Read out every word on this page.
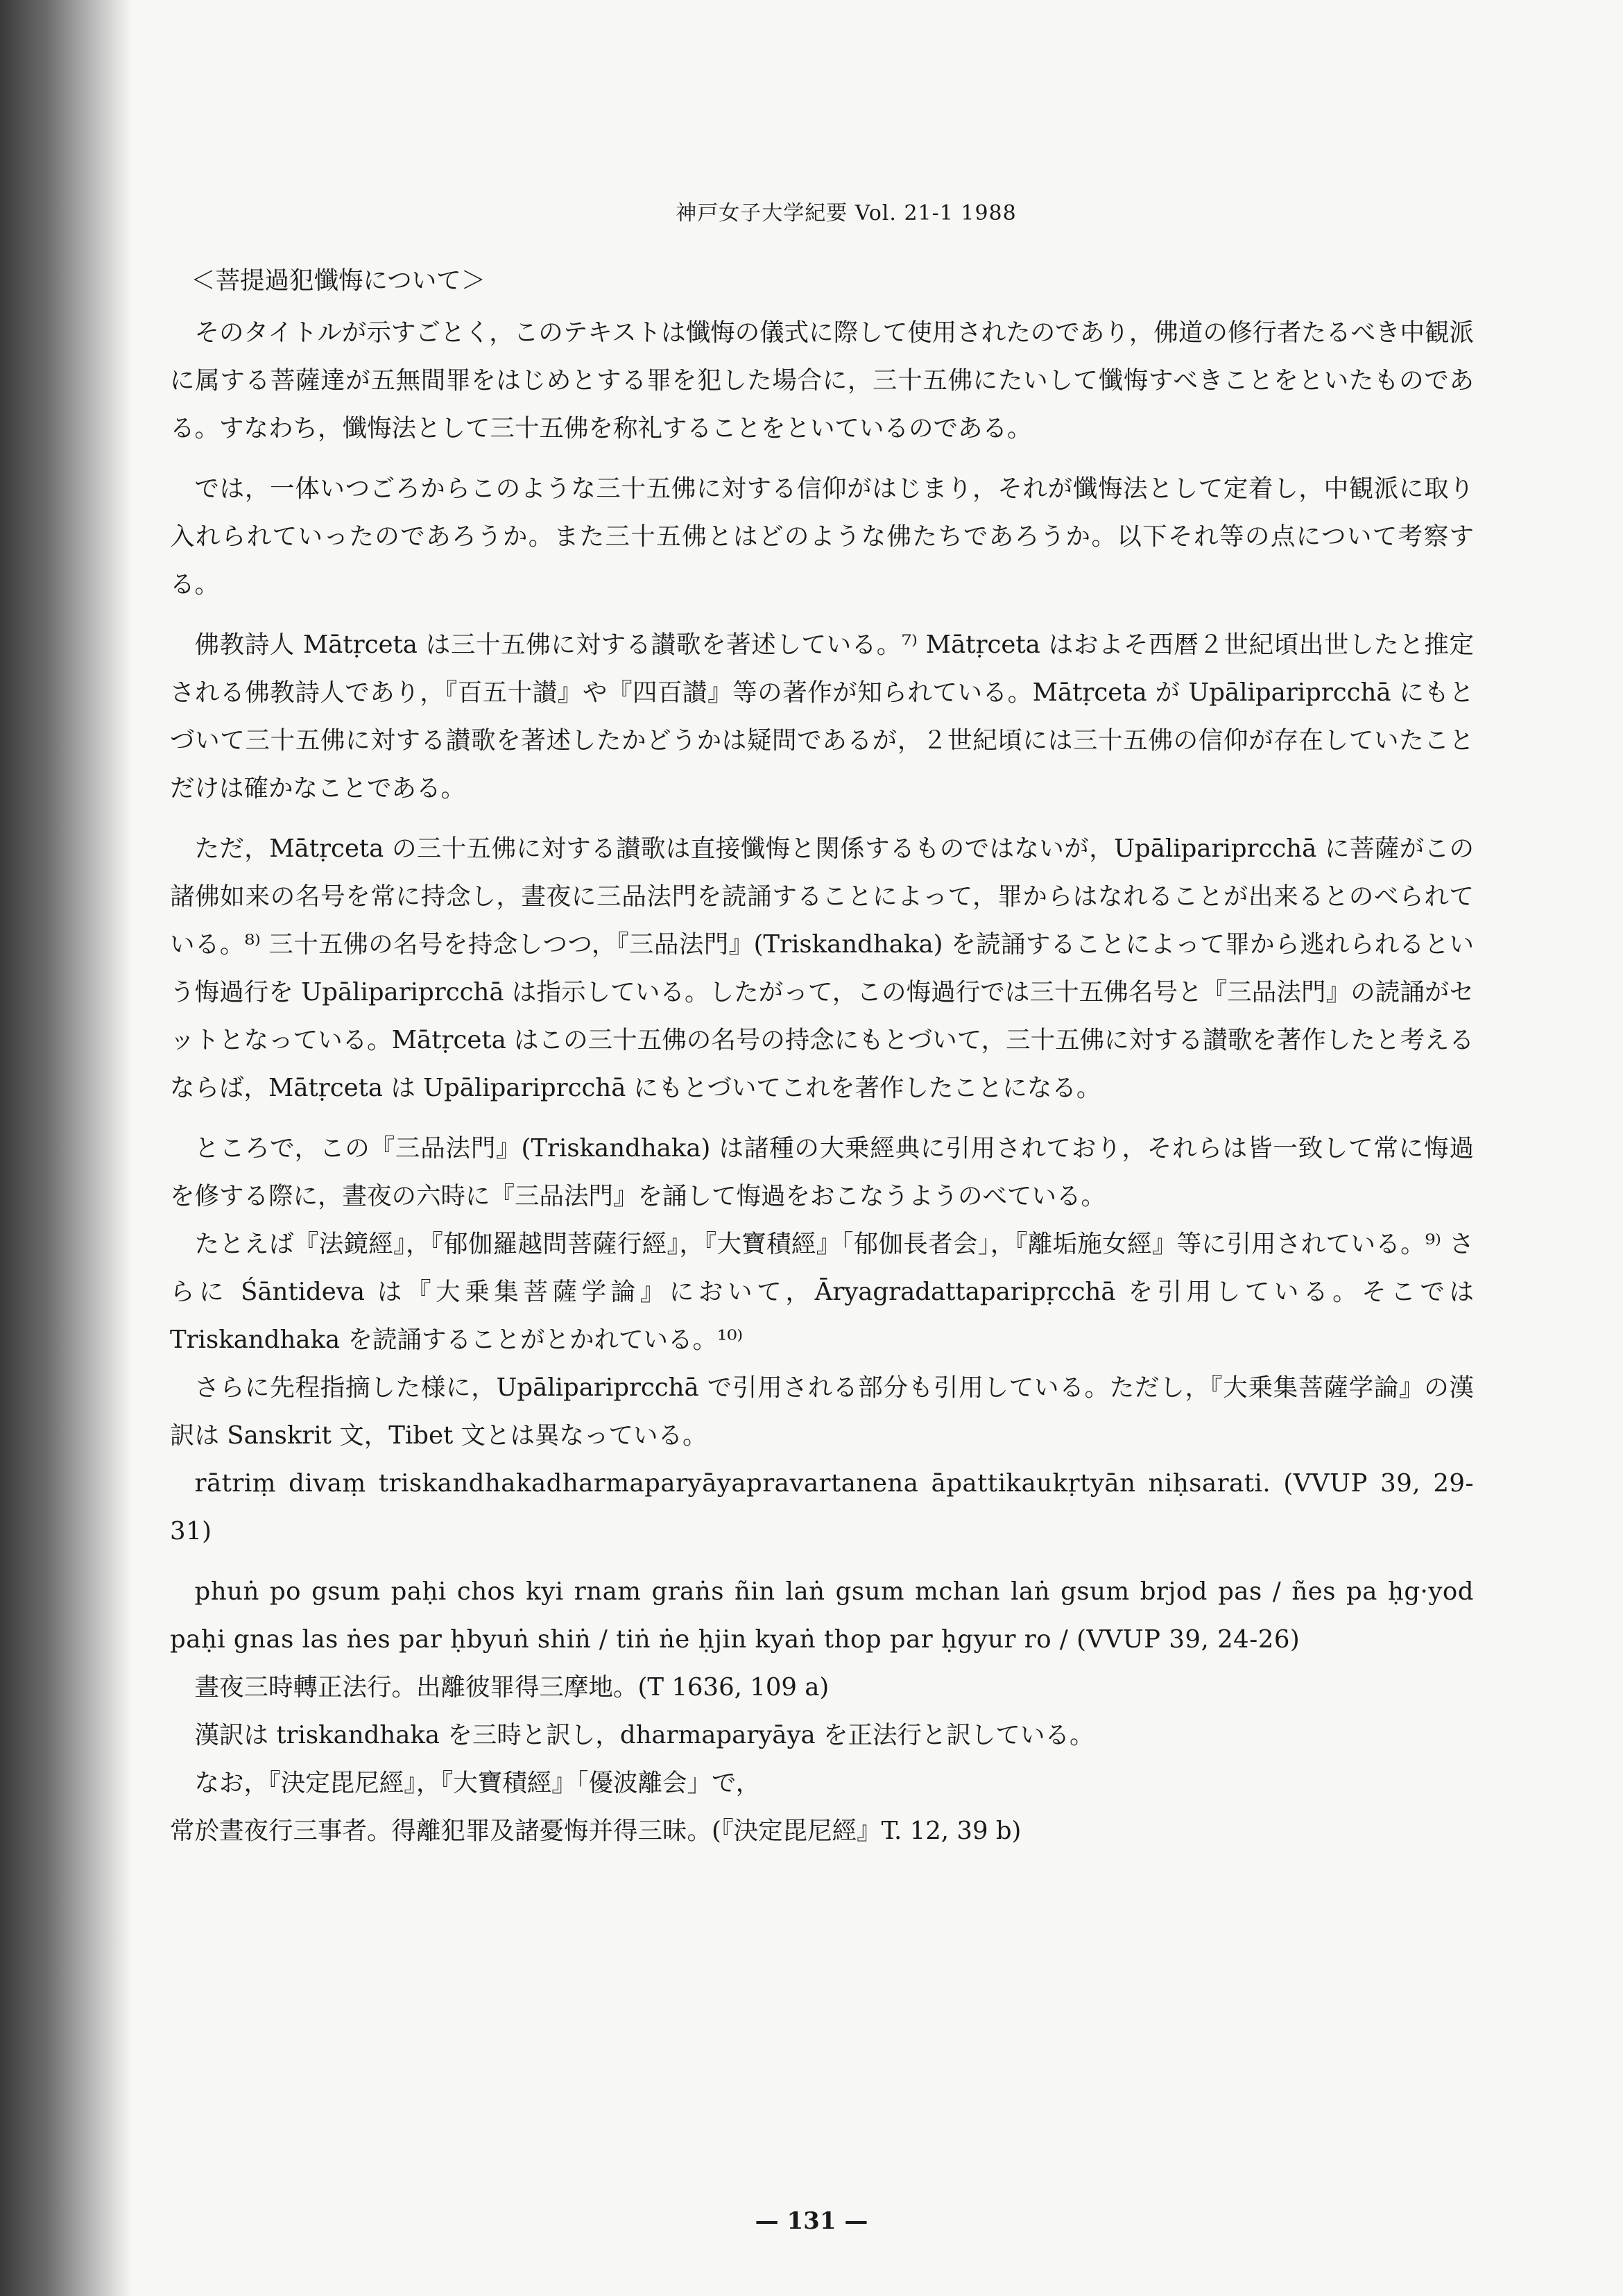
神戸女子大学紀要 Vol. 21-1 1988

＜菩提過犯懺悔について＞

そのタイトルが示すごとく，このテキストは懺悔の儀式に際して使用されたのであり，佛道の修行者たるべき中観派に属する菩薩達が五無間罪をはじめとする罪を犯した場合に，三十五佛にたいして懺悔すべきことをといたものである。すなわち，懺悔法として三十五佛を称礼することをといているのである。

では，一体いつごろからこのような三十五佛に対する信仰がはじまり，それが懺悔法として定着し，中観派に取り入れられていったのであろうか。また三十五佛とはどのような佛たちであろうか。以下それ等の点について考察する。

佛教詩人 Mātṛceta は三十五佛に対する讃歌を著述している。⁷⁾ Mātṛceta はおよそ西暦２世紀頃出世したと推定される佛教詩人であり，『百五十讃』や『四百讃』等の著作が知られている。Mātṛceta が Upālipariprcchā にもとづいて三十五佛に対する讃歌を著述したかどうかは疑問であるが，２世紀頃には三十五佛の信仰が存在していたことだけは確かなことである。

ただ，Mātṛceta の三十五佛に対する讃歌は直接懺悔と関係するものではないが，Upālipariprcchā に菩薩がこの諸佛如来の名号を常に持念し，晝夜に三品法門を読誦することによって，罪からはなれることが出来るとのべられている。⁸⁾ 三十五佛の名号を持念しつつ，『三品法門』(Triskandhaka) を読誦することによって罪から逃れられるという悔過行を Upālipariprcchā は指示している。したがって，この悔過行では三十五佛名号と『三品法門』の読誦がセットとなっている。Mātṛceta はこの三十五佛の名号の持念にもとづいて，三十五佛に対する讃歌を著作したと考えるならば，Mātṛceta は Upālipariprcchā にもとづいてこれを著作したことになる。

ところで，この『三品法門』(Triskandhaka) は諸種の大乗經典に引用されており，それらは皆一致して常に悔過を修する際に，晝夜の六時に『三品法門』を誦して悔過をおこなうようのべている。

たとえば『法鏡經』，『郁伽羅越問菩薩行經』，『大寶積經』「郁伽長者会」，『離垢施女經』等に引用されている。⁹⁾ さらに Śāntideva は『大乗集菩薩学論』において，Āryagradattaparipṛcchā を引用している。そこでは Triskandhaka を読誦することがとかれている。¹⁰⁾

さらに先程指摘した様に，Upālipariprcchā で引用される部分も引用している。ただし，『大乗集菩薩学論』の漢訳は Sanskrit 文，Tibet 文とは異なっている。

rātriṃ divaṃ triskandhakadharmaparyāyapravartanena āpattikaukṛtyān niḥsarati. (VVUP 39, 29-31)

phuṅ po gsum paḥi chos kyi rnam graṅs ñin laṅ gsum mchan laṅ gsum brjod pas / ñes pa ḥg·yod paḥi gnas las ṅes par ḥbyuṅ shiṅ / tiṅ ṅe ḥjin kyaṅ thop par ḥgyur ro / (VVUP 39, 24-26)

晝夜三時轉正法行。出離彼罪得三摩地。(T 1636, 109 a)

漢訳は triskandhaka を三時と訳し，dharmaparyāya を正法行と訳している。

なお，『決定毘尼經』，『大寶積經』「優波離会」で，

常於晝夜行三事者。得離犯罪及諸憂悔并得三昧。(『決定毘尼經』T. 12, 39 b)

— 131 —
